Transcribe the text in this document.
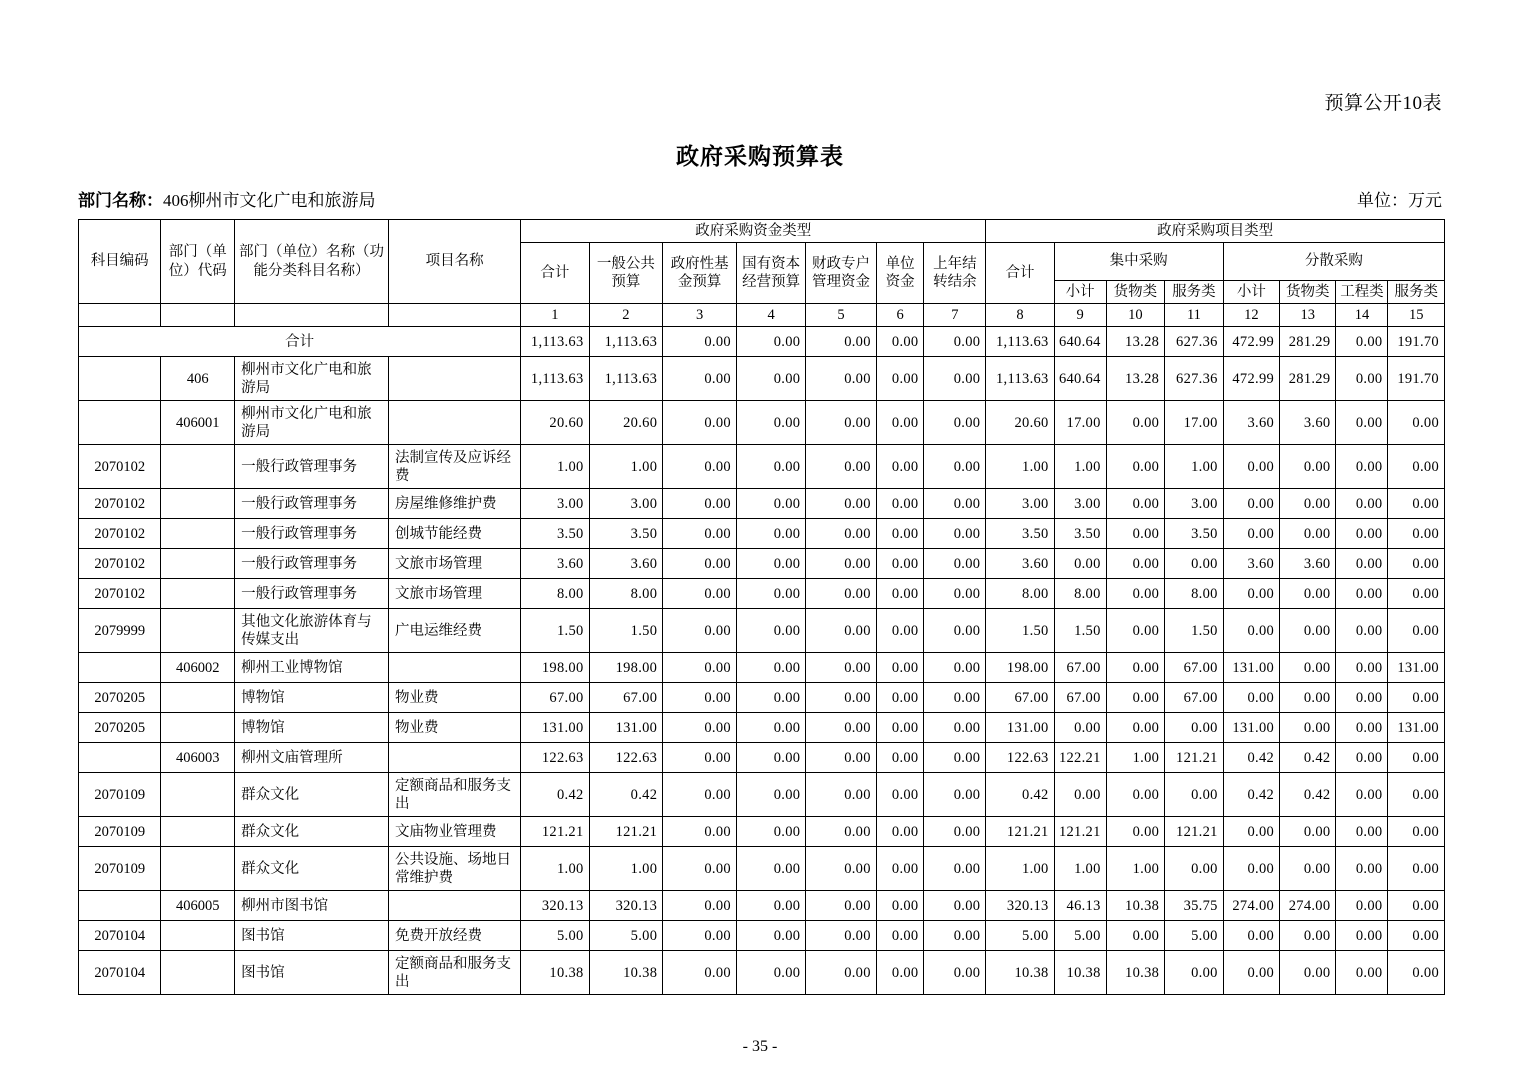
预算公开10表
政府采购预算表
部门名称：406柳州市文化广电和旅游局	单位：万元
科目编码	部门（单位）代码	部门（单位）名称（功能分类科目名称）	项目名称	政府采购资金类型							政府采购项目类型							
				合计	一般公共预算	政府性基金预算	国有资本经营预算	财政专户管理资金	单位资金	上年结转结余	合计	集中采购			分散采购			
												小计	货物类	服务类	小计	货物类	工程类	服务类
				1	2	3	4	5	6	7	8	9	10	11	12	13	14	15
合计				1,113.63	1,113.63	0.00	0.00	0.00	0.00	0.00	1,113.63	640.64	13.28	627.36	472.99	281.29	0.00	191.70
	406	柳州市文化广电和旅游局		1,113.63	1,113.63	0.00	0.00	0.00	0.00	0.00	1,113.63	640.64	13.28	627.36	472.99	281.29	0.00	191.70
	406001	柳州市文化广电和旅游局		20.60	20.60	0.00	0.00	0.00	0.00	0.00	20.60	17.00	0.00	17.00	3.60	3.60	0.00	0.00
2070102		一般行政管理事务	法制宣传及应诉经费	1.00	1.00	0.00	0.00	0.00	0.00	0.00	1.00	1.00	0.00	1.00	0.00	0.00	0.00	0.00
2070102		一般行政管理事务	房屋维修维护费	3.00	3.00	0.00	0.00	0.00	0.00	0.00	3.00	3.00	0.00	3.00	0.00	0.00	0.00	0.00
2070102		一般行政管理事务	创城节能经费	3.50	3.50	0.00	0.00	0.00	0.00	0.00	3.50	3.50	0.00	3.50	0.00	0.00	0.00	0.00
2070102		一般行政管理事务	文旅市场管理	3.60	3.60	0.00	0.00	0.00	0.00	0.00	3.60	0.00	0.00	0.00	3.60	3.60	0.00	0.00
2070102		一般行政管理事务	文旅市场管理	8.00	8.00	0.00	0.00	0.00	0.00	0.00	8.00	8.00	0.00	8.00	0.00	0.00	0.00	0.00
2079999		其他文化旅游体育与传媒支出	广电运维经费	1.50	1.50	0.00	0.00	0.00	0.00	0.00	1.50	1.50	0.00	1.50	0.00	0.00	0.00	0.00
	406002	柳州工业博物馆		198.00	198.00	0.00	0.00	0.00	0.00	0.00	198.00	67.00	0.00	67.00	131.00	0.00	0.00	131.00
2070205		博物馆	物业费	67.00	67.00	0.00	0.00	0.00	0.00	0.00	67.00	67.00	0.00	67.00	0.00	0.00	0.00	0.00
2070205		博物馆	物业费	131.00	131.00	0.00	0.00	0.00	0.00	0.00	131.00	0.00	0.00	0.00	131.00	0.00	0.00	131.00
	406003	柳州文庙管理所		122.63	122.63	0.00	0.00	0.00	0.00	0.00	122.63	122.21	1.00	121.21	0.42	0.42	0.00	0.00
2070109		群众文化	定额商品和服务支出	0.42	0.42	0.00	0.00	0.00	0.00	0.00	0.42	0.00	0.00	0.00	0.42	0.42	0.00	0.00
2070109		群众文化	文庙物业管理费	121.21	121.21	0.00	0.00	0.00	0.00	0.00	121.21	121.21	0.00	121.21	0.00	0.00	0.00	0.00
2070109		群众文化	公共设施、场地日常维护费	1.00	1.00	0.00	0.00	0.00	0.00	0.00	1.00	1.00	1.00	0.00	0.00	0.00	0.00	0.00
	406005	柳州市图书馆		320.13	320.13	0.00	0.00	0.00	0.00	0.00	320.13	46.13	10.38	35.75	274.00	274.00	0.00	0.00
2070104		图书馆	免费开放经费	5.00	5.00	0.00	0.00	0.00	0.00	0.00	5.00	5.00	0.00	5.00	0.00	0.00	0.00	0.00
2070104		图书馆	定额商品和服务支出	10.38	10.38	0.00	0.00	0.00	0.00	0.00	10.38	10.38	10.38	0.00	0.00	0.00	0.00	0.00
- 35 -
